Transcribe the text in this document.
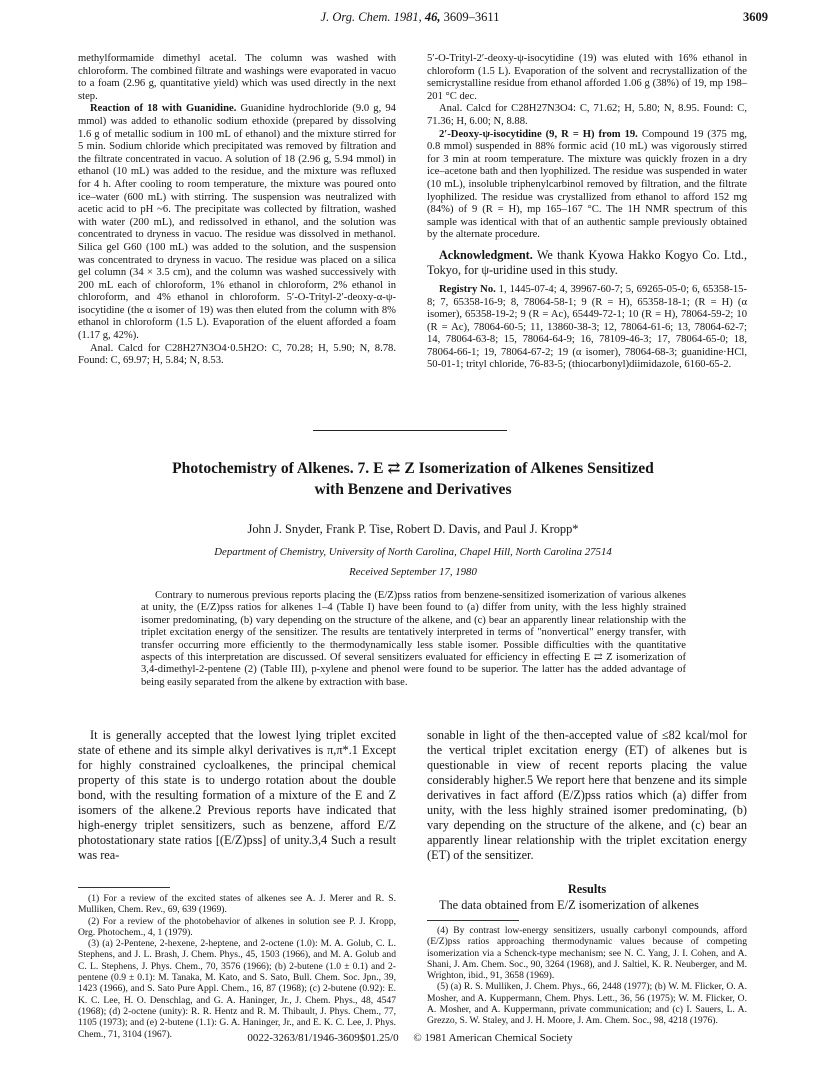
J. Org. Chem. 1981, 46, 3609–3611	3609

methylformamide dimethyl acetal. The column was washed with chloroform. The combined filtrate and washings were evaporated in vacuo to a foam (2.96 g, quantitative yield) which was used directly in the next step.

Reaction of 18 with Guanidine. Guanidine hydrochloride (9.0 g, 94 mmol) was added to ethanolic sodium ethoxide (prepared by dissolving 1.6 g of metallic sodium in 100 mL of ethanol) and the mixture stirred for 5 min. Sodium chloride which precipitated was removed by filtration and the filtrate concentrated in vacuo. A solution of 18 (2.96 g, 5.94 mmol) in ethanol (10 mL) was added to the residue, and the mixture was refluxed for 4 h. After cooling to room temperature, the mixture was poured onto ice–water (600 mL) with stirring. The suspension was neutralized with acetic acid to pH ~6. The precipitate was collected by filtration, washed with water (200 mL), and redissolved in ethanol, and the solution was concentrated to dryness in vacuo. The residue was dissolved in methanol. Silica gel G60 (100 mL) was added to the solution, and the suspension was concentrated to dryness in vacuo. The residue was placed on a silica gel column (34 × 3.5 cm), and the column was washed successively with 200 mL each of chloroform, 1% ethanol in chloroform, 2% ethanol in chloroform, and 4% ethanol in chloroform. 5′-O-Trityl-2′-deoxy-α-ψ-isocytidine (the α isomer of 19) was then eluted from the column with 8% ethanol in chloroform (1.5 L). Evaporation of the eluent afforded a foam (1.17 g, 42%).

Anal. Calcd for C28H27N3O4·0.5H2O: C, 70.28; H, 5.90; N, 8.78. Found: C, 69.97; H, 5.84; N, 8.53.

5′-O-Trityl-2′-deoxy-ψ-isocytidine (19) was eluted with 16% ethanol in chloroform (1.5 L). Evaporation of the solvent and recrystallization of the semicrystalline residue from ethanol afforded 1.06 g (38%) of 19, mp 198–201 °C dec.

Anal. Calcd for C28H27N3O4: C, 71.62; H, 5.80; N, 8.95. Found: C, 71.36; H, 6.00; N, 8.88.

2′-Deoxy-ψ-isocytidine (9, R = H) from 19. Compound 19 (375 mg, 0.8 mmol) suspended in 88% formic acid (10 mL) was vigorously stirred for 3 min at room temperature. The mixture was quickly frozen in a dry ice–acetone bath and then lyophilized. The residue was suspended in water (10 mL), insoluble triphenylcarbinol removed by filtration, and the filtrate lyophilized. The residue was crystallized from ethanol to afford 152 mg (84%) of 9 (R = H), mp 165–167 °C. The 1H NMR spectrum of this sample was identical with that of an authentic sample previously obtained by the alternate procedure.

Acknowledgment. We thank Kyowa Hakko Kogyo Co. Ltd., Tokyo, for ψ-uridine used in this study.

Registry No. 1, 1445-07-4; 4, 39967-60-7; 5, 69265-05-0; 6, 65358-15-8; 7, 65358-16-9; 8, 78064-58-1; 9 (R = H), 65358-18-1; (R = H) (α isomer), 65358-19-2; 9 (R = Ac), 65449-72-1; 10 (R = H), 78064-59-2; 10 (R = Ac), 78064-60-5; 11, 13860-38-3; 12, 78064-61-6; 13, 78064-62-7; 14, 78064-63-8; 15, 78064-64-9; 16, 78109-46-3; 17, 78064-65-0; 18, 78064-66-1; 19, 78064-67-2; 19 (α isomer), 78064-68-3; guanidine·HCl, 50-01-1; trityl chloride, 76-83-5; (thiocarbonyl)diimidazole, 6160-65-2.

Photochemistry of Alkenes. 7. E ⇄ Z Isomerization of Alkenes Sensitized
with Benzene and Derivatives
John J. Snyder, Frank P. Tise, Robert D. Davis, and Paul J. Kropp*
Department of Chemistry, University of North Carolina, Chapel Hill, North Carolina 27514
Received September 17, 1980
Contrary to numerous previous reports placing the (E/Z)pss ratios from benzene-sensitized isomerization of various alkenes at unity, the (E/Z)pss ratios for alkenes 1–4 (Table I) have been found to (a) differ from unity, with the less highly strained isomer predominating, (b) vary depending on the structure of the alkene, and (c) bear an apparently linear relationship with the triplet excitation energy of the sensitizer. The results are tentatively interpreted in terms of "nonvertical" energy transfer, with transfer occurring more efficiently to the thermodynamically less stable isomer. Possible difficulties with the quantitative aspects of this interpretation are discussed. Of several sensitizers evaluated for efficiency in effecting E ⇄ Z isomerization of 3,4-dimethyl-2-pentene (2) (Table III), p-xylene and phenol were found to be superior. The latter has the added advantage of being easily separated from the alkene by extraction with base.
It is generally accepted that the lowest lying triplet excited state of ethene and its simple alkyl derivatives is π,π*.1 Except for highly constrained cycloalkenes, the principal chemical property of this state is to undergo rotation about the double bond, with the resulting formation of a mixture of the E and Z isomers of the alkene.2 Previous reports have indicated that high-energy triplet sensitizers, such as benzene, afford E/Z photostationary state ratios [(E/Z)pss] of unity.3,4 Such a result was rea-
sonable in light of the then-accepted value of ≤82 kcal/mol for the vertical triplet excitation energy (ET) of alkenes but is questionable in view of recent reports placing the value considerably higher.5 We report here that benzene and its simple derivatives in fact afford (E/Z)pss ratios which (a) differ from unity, with the less highly strained isomer predominating, (b) vary depending on the structure of the alkene, and (c) bear an apparently linear relationship with the triplet excitation energy (ET) of the sensitizer.
Results
The data obtained from E/Z isomerization of alkenes

(1) For a review of the excited states of alkenes see A. J. Merer and R. S. Mulliken, Chem. Rev., 69, 639 (1969).

(2) For a review of the photobehavior of alkenes in solution see P. J. Kropp, Org. Photochem., 4, 1 (1979).

(3) (a) 2-Pentene, 2-hexene, 2-heptene, and 2-octene (1.0): M. A. Golub, C. L. Stephens, and J. L. Brash, J. Chem. Phys., 45, 1503 (1966), and M. A. Golub and C. L. Stephens, J. Phys. Chem., 70, 3576 (1966); (b) 2-butene (1.0 ± 0.1) and 2-pentene (0.9 ± 0.1): M. Tanaka, M. Kato, and S. Sato, Bull. Chem. Soc. Jpn., 39, 1423 (1966), and S. Sato Pure Appl. Chem., 16, 87 (1968); (c) 2-butene (0.92): E. K. C. Lee, H. O. Denschlag, and G. A. Haninger, Jr., J. Chem. Phys., 48, 4547 (1968); (d) 2-octene (unity): R. R. Hentz and R. M. Thibault, J. Phys. Chem., 77, 1105 (1973); and (e) 2-butene (1.1): G. A. Haninger, Jr., and E. K. C. Lee, J. Phys. Chem., 71, 3104 (1967).

(4) By contrast low-energy sensitizers, usually carbonyl compounds, afford (E/Z)pss ratios approaching thermodynamic values because of competing isomerization via a Schenck-type mechanism; see N. C. Yang, J. I. Cohen, and A. Shani, J. Am. Chem. Soc., 90, 3264 (1968), and J. Saltiel, K. R. Neuberger, and M. Wrighton, ibid., 91, 3658 (1969).

(5) (a) R. S. Mulliken, J. Chem. Phys., 66, 2448 (1977); (b) W. M. Flicker, O. A. Mosher, and A. Kuppermann, Chem. Phys. Lett., 36, 56 (1975); W. M. Flicker, O. A. Mosher, and A. Kuppermann, private communication; and (c) I. Sauers, L. A. Grezzo, S. W. Staley, and J. H. Moore, J. Am. Chem. Soc., 98, 4218 (1976).

0022-3263/81/1946-3609$01.25/0 © 1981 American Chemical Society
